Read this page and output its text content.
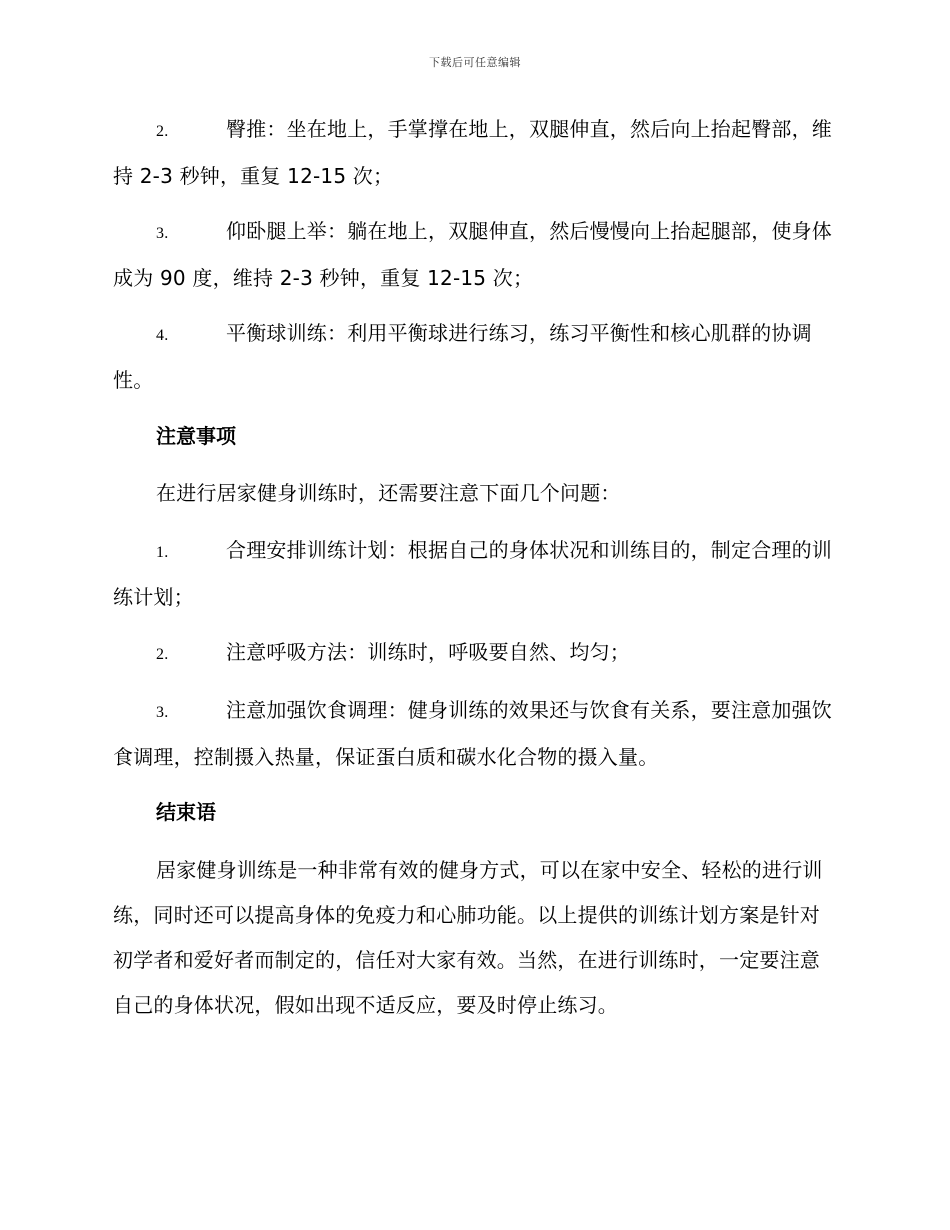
下载后可任意编辑
2.	臀推：坐在地上，手掌撑在地上，双腿伸直，然后向上抬起臀部，维持 2-3 秒钟，重复 12-15 次；
3.	仰卧腿上举：躺在地上，双腿伸直，然后慢慢向上抬起腿部，使身体成为 90 度，维持 2-3 秒钟，重复 12-15 次；
4.	平衡球训练：利用平衡球进行练习，练习平衡性和核心肌群的协调性。
注意事项
在进行居家健身训练时，还需要注意下面几个问题：
1.	合理安排训练计划：根据自己的身体状况和训练目的，制定合理的训练计划；
2.	注意呼吸方法：训练时，呼吸要自然、均匀；
3.	注意加强饮食调理：健身训练的效果还与饮食有关系，要注意加强饮食调理，控制摄入热量，保证蛋白质和碳水化合物的摄入量。
结束语
居家健身训练是一种非常有效的健身方式，可以在家中安全、轻松的进行训练，同时还可以提高身体的免疫力和心肺功能。以上提供的训练计划方案是针对初学者和爱好者而制定的，信任对大家有效。当然，在进行训练时，一定要注意自己的身体状况，假如出现不适反应，要及时停止练习。
